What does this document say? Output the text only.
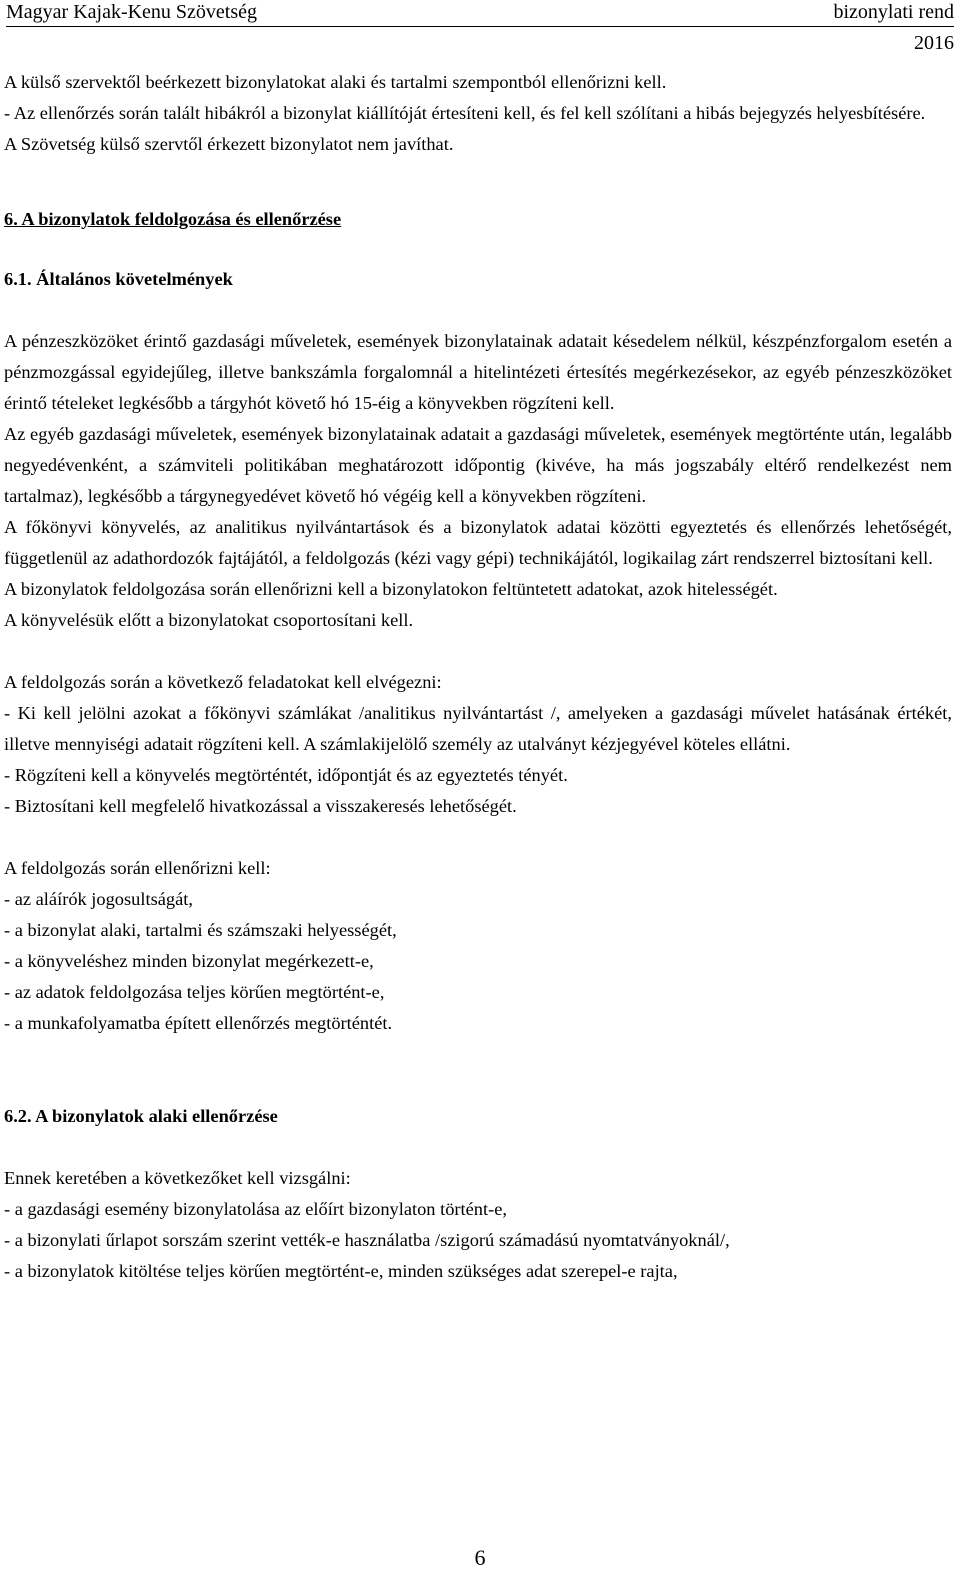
Magyar Kajak-Kenu Szövetség	bizonylati rend
2016

A külső szervektől beérkezett bizonylatokat alaki és tartalmi szempontból ellenőrizni kell.

- Az ellenőrzés során talált hibákról a bizonylat kiállítóját értesíteni kell, és fel kell szólítani a hibás bejegyzés helyesbítésére.

A Szövetség külső szervtől érkezett bizonylatot nem javíthat.

6. A bizonylatok feldolgozása és ellenőrzése

6.1. Általános követelmények

A pénzeszközöket érintő gazdasági műveletek, események bizonylatainak adatait késedelem nélkül, készpénzforgalom esetén a pénzmozgással egyidejűleg, illetve bankszámla forgalomnál a hitelintézeti értesítés megérkezésekor, az egyéb pénzeszközöket érintő tételeket legkésőbb a tárgyhót követő hó 15-éig a könyvekben rögzíteni kell.

Az egyéb gazdasági műveletek, események bizonylatainak adatait a gazdasági műveletek, események megtörténte után, legalább negyedévenként, a számviteli politikában meghatározott időpontig (kivéve, ha más jogszabály eltérő rendelkezést nem tartalmaz), legkésőbb a tárgynegyedévet követő hó végéig kell a könyvekben rögzíteni.

A főkönyvi könyvelés, az analitikus nyilvántartások és a bizonylatok adatai közötti egyeztetés és ellenőrzés lehetőségét, függetlenül az adathordozók fajtájától, a feldolgozás (kézi vagy gépi) technikájától, logikailag zárt rendszerrel biztosítani kell.

A bizonylatok feldolgozása során ellenőrizni kell a bizonylatokon feltüntetett adatokat, azok hitelességét.

A könyvelésük előtt a bizonylatokat csoportosítani kell.

A feldolgozás során a következő feladatokat kell elvégezni:

- Ki kell jelölni azokat a főkönyvi számlákat /analitikus nyilvántartást /, amelyeken a gazdasági művelet hatásának értékét, illetve mennyiségi adatait rögzíteni kell. A számlakijelölő személy az utalványt kézjegyével köteles ellátni.

- Rögzíteni kell a könyvelés megtörténtét, időpontját és az egyeztetés tényét.

- Biztosítani kell megfelelő hivatkozással a visszakeresés lehetőségét.

A feldolgozás során ellenőrizni kell:

- az aláírók jogosultságát,

- a bizonylat alaki, tartalmi és számszaki helyességét,

- a könyveléshez minden bizonylat megérkezett-e,

- az adatok feldolgozása teljes körűen megtörtént-e,

- a munkafolyamatba épített ellenőrzés megtörténtét.

6.2. A bizonylatok alaki ellenőrzése

Ennek keretében a következőket kell vizsgálni:

- a gazdasági esemény bizonylatolása az előírt bizonylaton történt-e,

- a bizonylati űrlapot sorszám szerint vették-e használatba /szigorú számadású nyomtatványoknál/,

- a bizonylatok kitöltése teljes körűen megtörtént-e, minden szükséges adat szerepel-e rajta,

6
